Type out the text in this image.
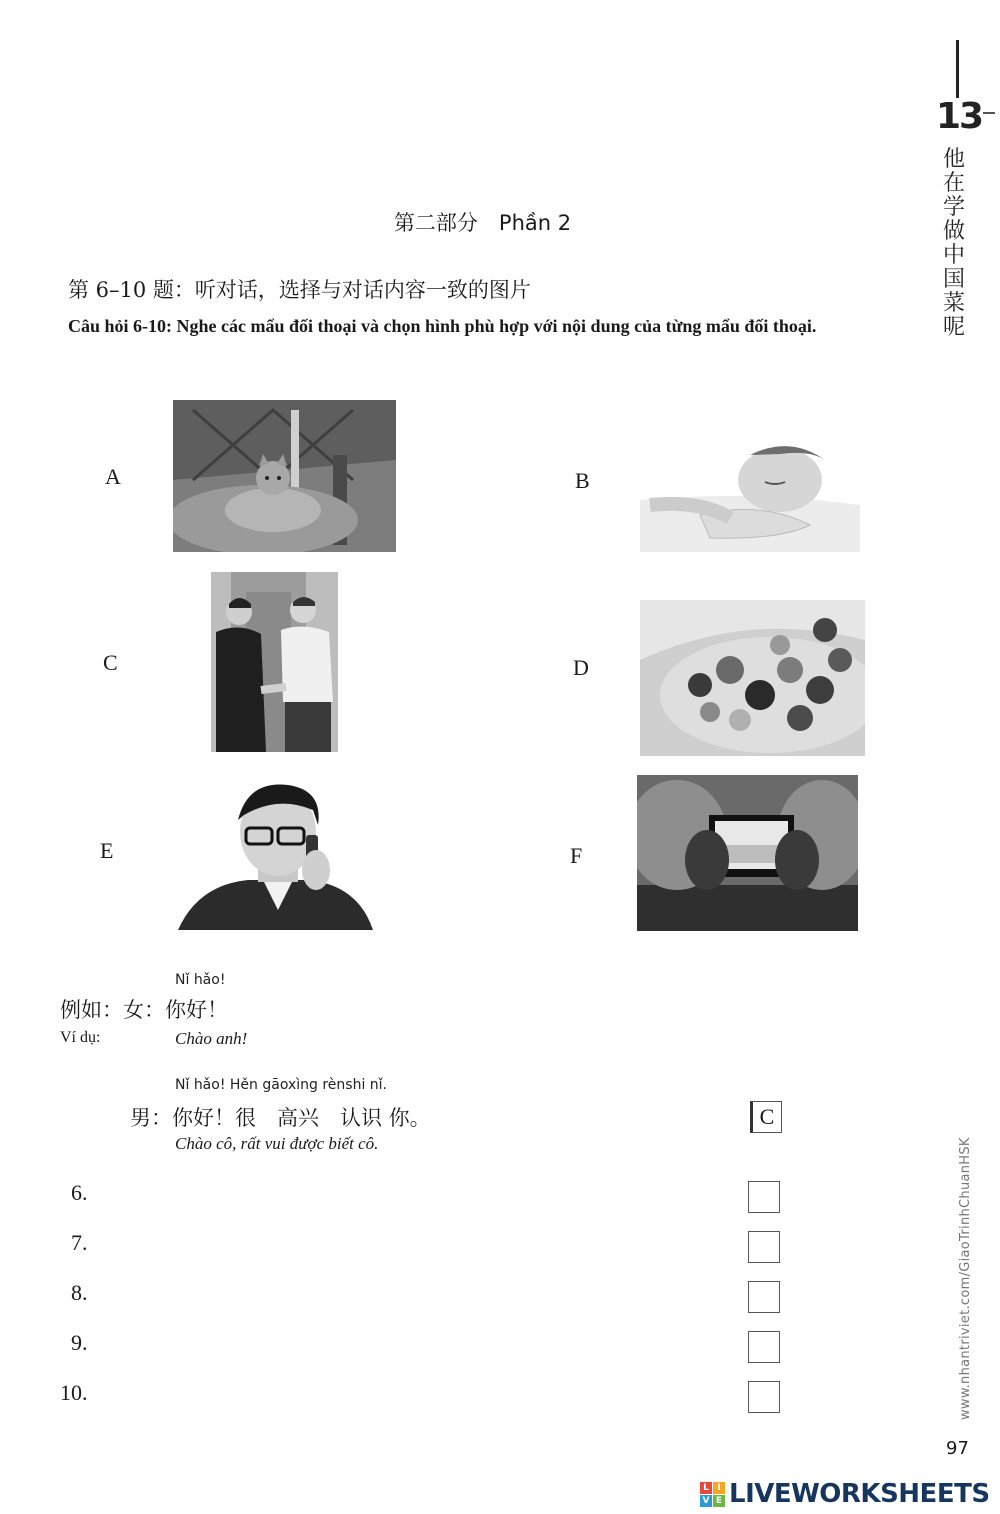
13
他
在
学
做
中
国
菜
呢
www.nhantriviet.com/GiaoTrinhChuanHSK
97
第二部分　Phần 2
第 6–10 题：听对话，选择与对话内容一致的图片
Câu hỏi 6-10: Nghe các mẩu đối thoại và chọn hình phù hợp với nội dung của từng mẩu đối thoại.
A	B
C	D
E	F
Nǐ hǎo!
例如：女：你好！
Ví dụ:	Chào anh!
Nǐ hǎo! Hěn gāoxìng rènshi nǐ.
男：你好！很　高兴　认识 你。
Chào cô, rất vui được biết cô.
C
6.
7.
8.
9.
10.
L I
V E LIVEWORKSHEETS
